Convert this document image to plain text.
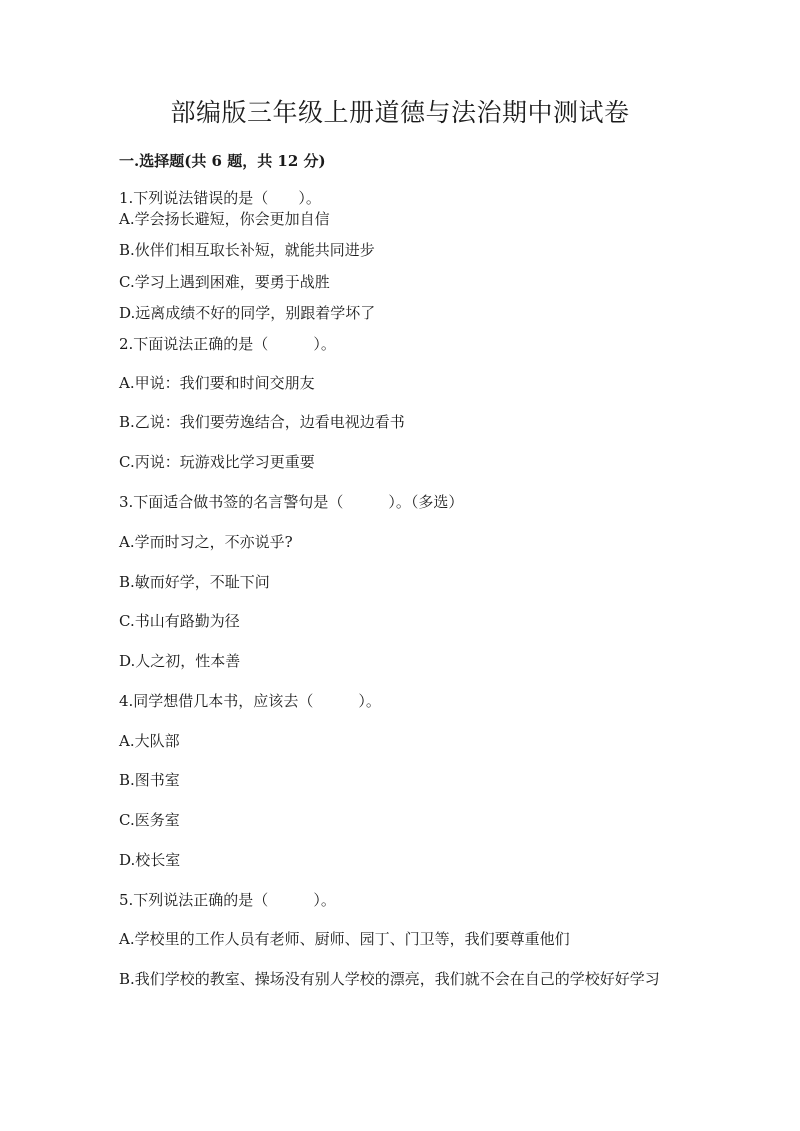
部编版三年级上册道德与法治期中测试卷
一.选择题(共 6 题，共 12 分)
1.下列说法错误的是（　　）。
A.学会扬长避短，你会更加自信
B.伙伴们相互取长补短，就能共同进步
C.学习上遇到困难，要勇于战胜
D.远离成绩不好的同学，别跟着学坏了
2.下面说法正确的是（　　　）。
A.甲说：我们要和时间交朋友
B.乙说：我们要劳逸结合，边看电视边看书
C.丙说：玩游戏比学习更重要
3.下面适合做书签的名言警句是（　　　）。（多选）
A.学而时习之，不亦说乎?
B.敏而好学，不耻下问
C.书山有路勤为径
D.人之初，性本善
4.同学想借几本书，应该去（　　　）。
A.大队部
B.图书室
C.医务室
D.校长室
5.下列说法正确的是（　　　）。
A.学校里的工作人员有老师、厨师、园丁、门卫等，我们要尊重他们
B.我们学校的教室、操场没有别人学校的漂亮，我们就不会在自己的学校好好学习
